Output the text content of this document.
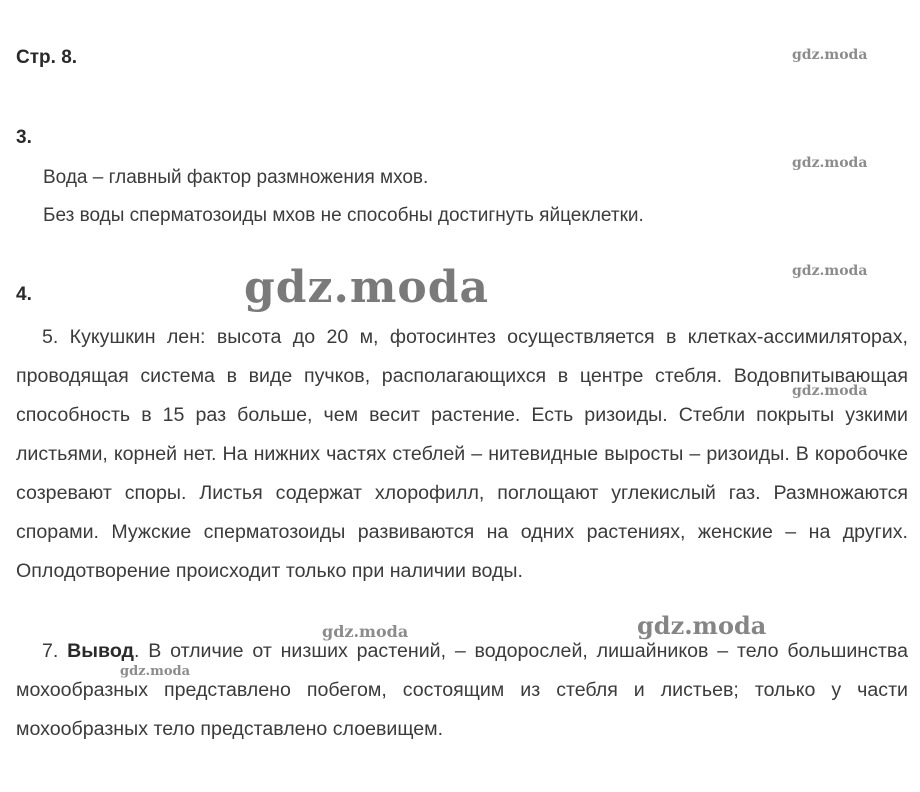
Стр. 8.
3.
Вода – главный фактор размножения мхов.
Без воды сперматозоиды мхов не способны достигнуть яйцеклетки.
4.
5. Кукушкин лен: высота до 20 м, фотосинтез осуществляется в клетках-ассимиляторах, проводящая система в виде пучков, располагающихся в центре стебля. Водовпитывающая способность в 15 раз больше, чем весит растение. Есть ризоиды. Стебли покрыты узкими листьями, корней нет. На нижних частях стеблей – нитевидные выросты – ризоиды. В коробочке созревают споры. Листья содержат хлорофилл, поглощают углекислый газ. Размножаются спорами. Мужские сперматозоиды развиваются на одних растениях, женские – на других. Оплодотворение происходит только при наличии воды.
7. Вывод. В отличие от низших растений, – водорослей, лишайников – тело большинства мохообразных представлено побегом, состоящим из стебля и листьев; только у части мохообразных тело представлено слоевищем.
gdz.moda
gdz.moda
gdz.moda
gdz.moda
gdz.moda
gdz.moda
gdz.moda
gdz.moda
